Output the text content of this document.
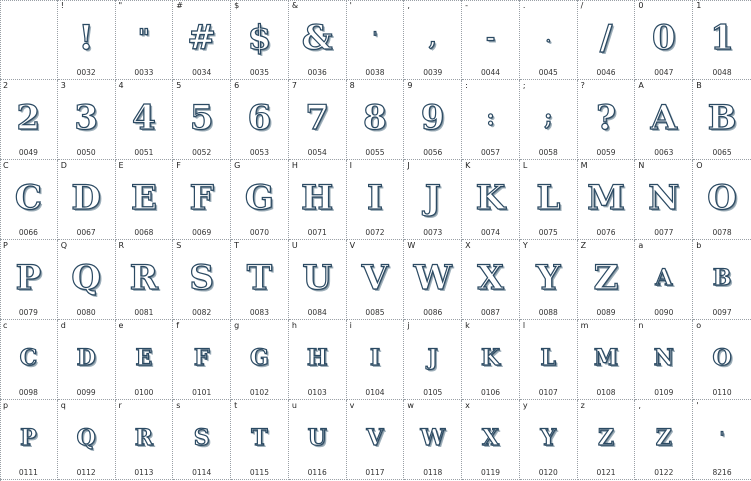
!
!
0032
"
"
0033
#
#
0034
$
$
0035
&
&
0036
'
'
0038
,
,
0039
-
-
0044
.
.
0045
/
/
0046
0
0
0047
1
1
0048
2
2
0049
3
3
0050
4
4
0051
5
5
0052
6
6
0053
7
7
0054
8
8
0055
9
9
0056
:
:
0057
;
;
0058
?
?
0059
A
A
0063
B
B
0065
C
C
0066
D
D
0067
E
E
0068
F
F
0069
G
G
0070
H
H
0071
I
I
0072
J
J
0073
K
K
0074
L
L
0075
M
M
0076
N
N
0077
O
O
0078
P
P
0079
Q
Q
0080
R
R
0081
S
S
0082
T
T
0083
U
U
0084
V
V
0085
W
W
0086
X
X
0087
Y
Y
0088
Z
Z
0089
a
A
0090
b
B
0097
c
C
0098
d
D
0099
e
E
0100
f
F
0101
g
G
0102
h
H
0103
i
I
0104
j
J
0105
k
K
0106
l
L
0107
m
M
0108
n
N
0109
o
O
0110
p
P
0111
q
Q
0112
r
R
0113
s
S
0114
t
T
0115
u
U
0116
v
V
0117
w
W
0118
x
X
0119
y
Y
0120
z
Z
0121
‚
Z
0122
'
'
8216
